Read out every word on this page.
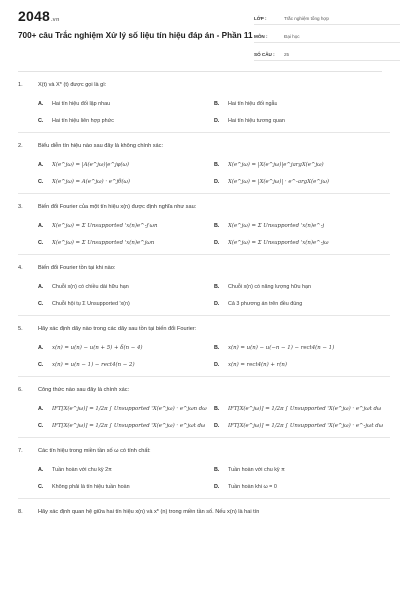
2048.vn
700+ câu Trắc nghiệm Xử lý số liệu tín hiệu đáp án - Phần 11
LỚP :	Trắc nghiệm tổng hợp
MÔN :	Đại học
SỐ CÂU :	25
1.	X(t) và X* (t) được gọi là gì:
A.	Hai tín hiệu đối lập nhau	B.	Hai tín hiệu đối ngẫu
C.	Hai tín hiệu liên hợp phức	D.	Hai tín hiệu tương quan
2.	Biểu diễn tín hiệu nào sau đây là không chính xác:
A.	X(e^jω) = |A(e^jω)|e^jφ(ω)	B.	X(e^jω) = |X(e^jω)|e^jargX(e^jω)
C.	X(e^jω) = A(e^jω) · e^jθ(ω)	D.	X(e^jω) = |X(e^jω)| · e^-argX(e^jω)
3.	Biến đổi Fourier của một tín hiệu x(n) được định nghĩa như sau:
A.	X(e^jω) = Σ Unsupported 'x(n)e^-j'ωn	B.	X(e^jω) = Σ Unsupported 'x(n)e^-j
C.	X(e^jω) = Σ Unsupported 'x(n)e^jωn	D.	X(e^jω) = Σ Unsupported 'x(n)e^-jω
4.	Biến đổi Fourier tồn tại khi nào:
A.	Chuỗi x(n) có chiều dài hữu hạn	B.	Chuỗi x(n) có năng lượng hữu hạn
C.	Chuỗi hội tụ Σ Unsupported 'x(n)	D.	Cả 3 phương án trên đều đúng
5.	Hãy xác định dãy nào trong các dãy sau tồn tại biến đổi Fourier:
A.	x(n) = u(n) − u(n + 5) + δ(n − 4)	B.	x(n) = u(n) − u(−n − 1) − rect4(n − 1)
C.	x(n) = u(n − 1) − rect4(n − 2)	D.	x(n) = rect4(n) + r(n)
6.	Công thức nào sau đây là chính xác:
A.	IFT[X(e^jω)] = 1/2π ∫ Unsupported 'X(e^jω) · e^jωn dω B.	IFT[X(e^jω)] = 1/2π ∫ Unsupported 'X(e^jω) · e^jωt dω
C.	IFT[X(e^jω)] = 1/2π ∫ Unsupported 'X(e^jω) · e^jωt dω D.	IFT[X(e^jω)] = 1/2π ∫ Unsupported 'X(e^jω) · e^-jωt dω
7.	Các tín hiệu trong miền tần số ω có tính chất:
A.	Tuần hoàn với chu kỳ 2π	B.	Tuần hoàn với chu kỳ π
C.	Không phải là tín hiệu tuần hoàn	D.	Tuần hoàn khi ω = 0
8.	Hãy xác định quan hệ giữa hai tín hiệu x(n) và x* (n) trong miền tần số. Nếu x(n) là hai tín
